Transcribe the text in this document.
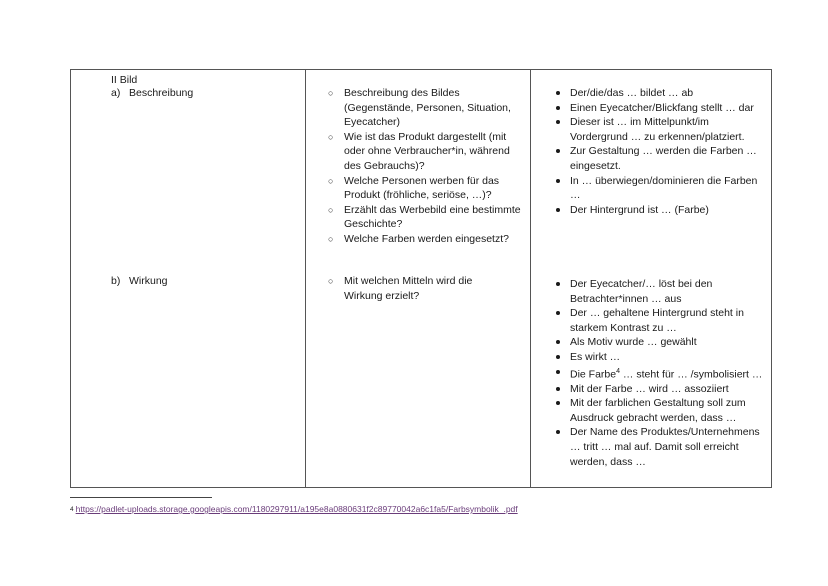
II Bild
a) Beschreibung
b) Wirkung
○ Beschreibung des Bildes (Gegenstände, Personen, Situation, Eyecatcher)
○ Wie ist das Produkt dargestellt (mit oder ohne Verbraucher*in, während des Gebrauchs)?
○ Welche Personen werben für das Produkt (fröhliche, seriöse, …)?
○ Erzählt das Werbebild eine bestimmte Geschichte?
○ Welche Farben werden eingesetzt?
○ Mit welchen Mitteln wird die Wirkung erzielt?
Der/die/das … bildet … ab
Einen Eyecatcher/Blickfang stellt … dar
Dieser ist … im Mittelpunkt/im Vordergrund … zu erkennen/platziert.
Zur Gestaltung … werden die Farben … eingesetzt.
In … überwiegen/dominieren die Farben …
Der Hintergrund ist … (Farbe)
Der Eyecatcher/… löst bei den Betrachter*innen … aus
Der … gehaltene Hintergrund steht in starkem Kontrast zu …
Als Motiv wurde … gewählt
Es wirkt …
Die Farbe$^4$ … steht für … /symbolisiert …
Mit der Farbe … wird … assoziiert
Mit der farblichen Gestaltung soll zum Ausdruck gebracht werden, dass …
Der Name des Produktes/Unternehmens … tritt … mal auf. Damit soll erreicht werden, dass …
$^4$ https://padlet-uploads.storage.googleapis.com/1180297911/a195e8a0880631f2c89770042a6c1fa5/Farbsymbolik_.pdf
